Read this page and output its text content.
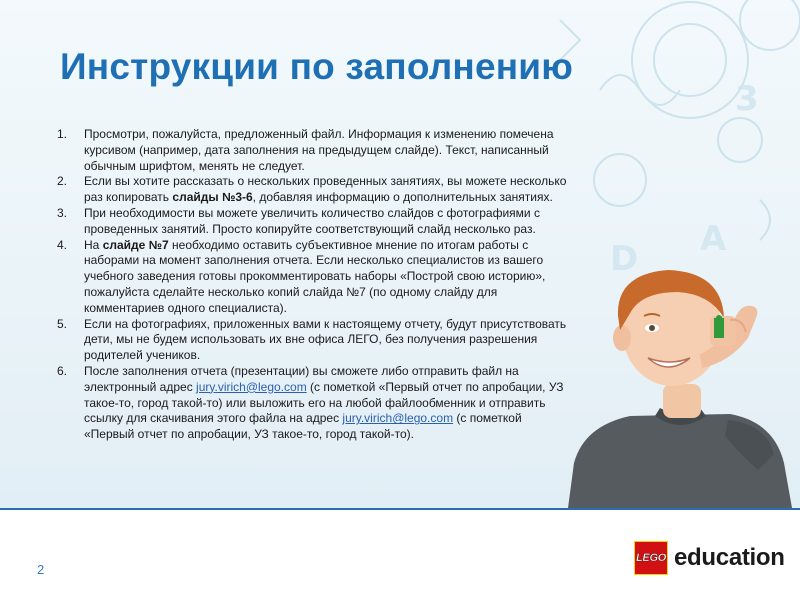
3
A
D
Инструкции по заполнению
1. Просмотри, пожалуйста, предложенный файл. Информация к изменению помечена курсивом (например, дата заполнения на предыдущем слайде). Текст, написанный обычным шрифтом, менять не следует.
2. Если вы хотите рассказать о нескольких проведенных занятиях, вы можете несколько раз копировать слайды №3-6, добавляя информацию о дополнительных занятиях.
3. При необходимости вы можете увеличить количество слайдов с фотографиями с проведенных занятий. Просто копируйте соответствующий слайд несколько раз.
4. На слайде №7 необходимо оставить субъективное мнение по итогам работы с наборами на момент заполнения отчета. Если несколько специалистов из вашего учебного заведения готовы прокомментировать наборы «Построй свою историю», пожалуйста сделайте несколько копий слайда №7 (по одному слайду для комментариев одного специалиста).
5. Если на фотографиях, приложенных вами к настоящему отчету, будут присутствовать дети, мы не будем использовать их вне офиса ЛЕГО, без получения разрешения родителей учеников.
6. После заполнения отчета (презентации) вы сможете либо отправить файл на электронный адрес jury.virich@lego.com (с пометкой «Первый отчет по апробации, УЗ такое-то, город такой-то) или выложить его на любой файлообменник и отправить ссылку для скачивания этого файла на адрес jury.virich@lego.com (с пометкой «Первый отчет по апробации, УЗ такое-то, город такой-то).
2
LEGO education
